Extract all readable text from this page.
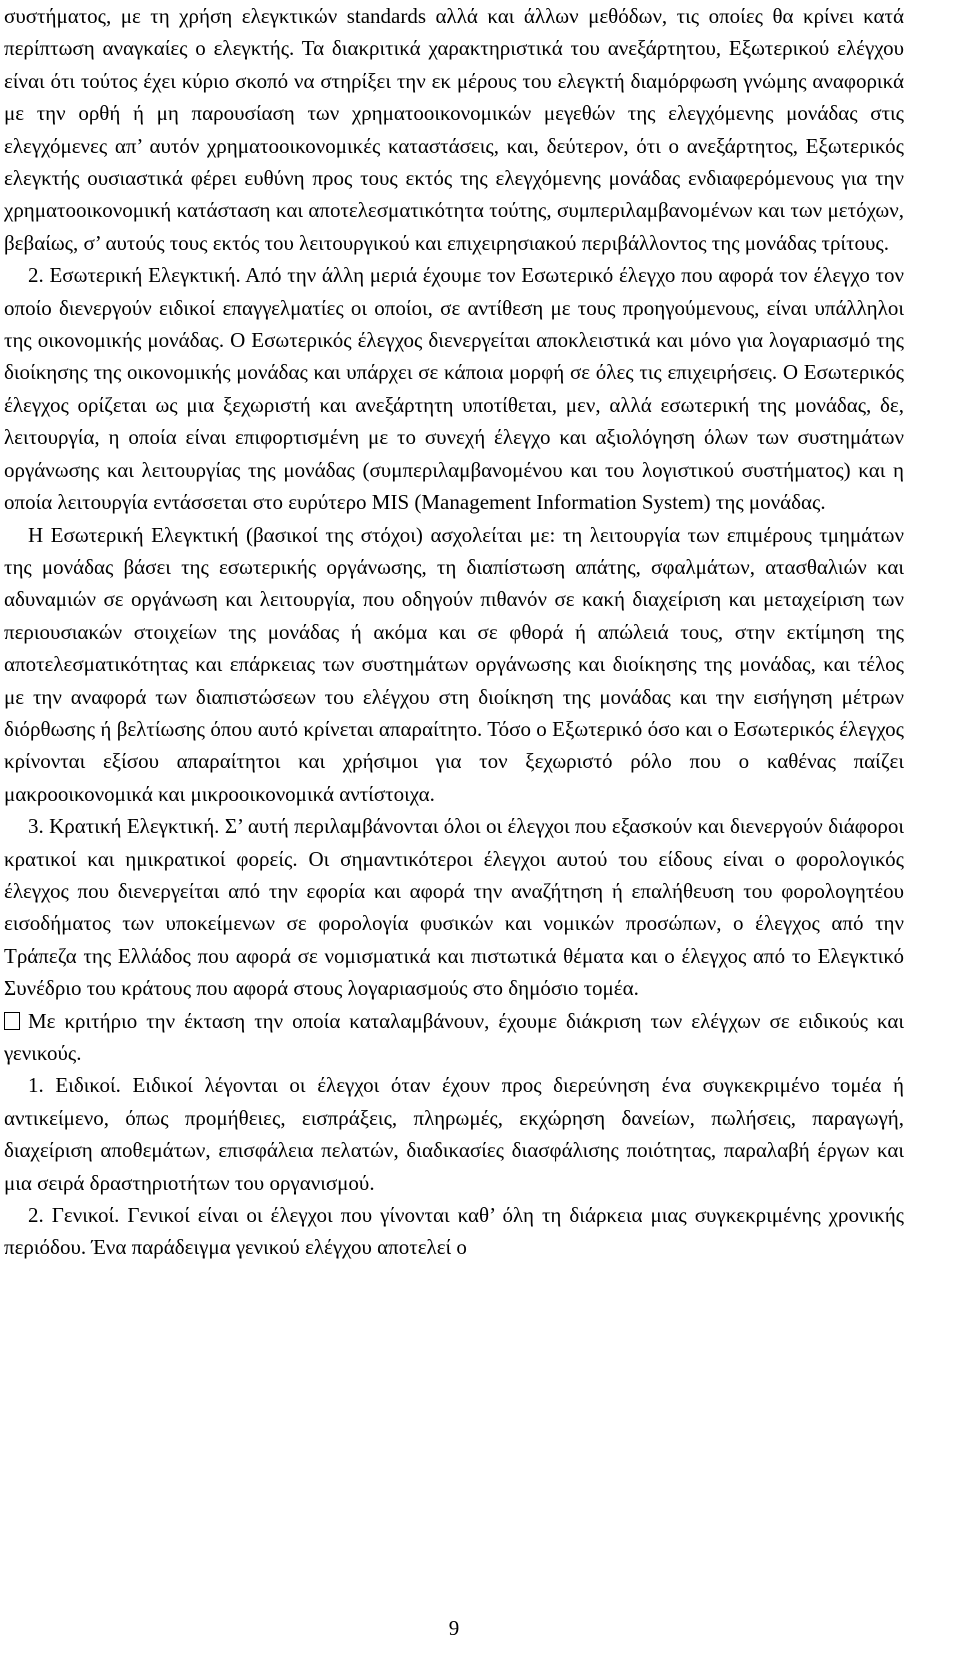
συστήματος, με τη χρήση ελεγκτικών standards αλλά και άλλων μεθόδων, τις οποίες θα κρίνει κατά περίπτωση αναγκαίες ο ελεγκτής. Τα διακριτικά χαρακτηριστικά του ανεξάρτητου, Εξωτερικού ελέγχου είναι ότι τούτος έχει κύριο σκοπό να στηρίξει την εκ μέρους του ελεγκτή διαμόρφωση γνώμης αναφορικά με την ορθή ή μη παρουσίαση των χρηματοοικονομικών μεγεθών της ελεγχόμενης μονάδας στις ελεγχόμενες απ’ αυτόν χρηματοοικονομικές καταστάσεις, και, δεύτερον, ότι ο ανεξάρτητος, Εξωτερικός ελεγκτής ουσιαστικά φέρει ευθύνη προς τους εκτός της ελεγχόμενης μονάδας ενδιαφερόμενους για την χρηματοοικονομική κατάσταση και αποτελεσματικότητα τούτης, συμπεριλαμβανομένων και των μετόχων, βεβαίως, σ’ αυτούς τους εκτός του λειτουργικού και επιχειρησιακού περιβάλλοντος της μονάδας τρίτους.

2. Εσωτερική Ελεγκτική. Από την άλλη μεριά έχουμε τον Εσωτερικό έλεγχο που αφορά τον έλεγχο τον οποίο διενεργούν ειδικοί επαγγελματίες οι οποίοι, σε αντίθεση με τους προηγούμενους, είναι υπάλληλοι της οικονομικής μονάδας. Ο Εσωτερικός έλεγχος διενεργείται αποκλειστικά και μόνο για λογαριασμό της διοίκησης της οικονομικής μονάδας και υπάρχει σε κάποια μορφή σε όλες τις επιχειρήσεις. Ο Εσωτερικός έλεγχος ορίζεται ως μια ξεχωριστή και ανεξάρτητη υποτίθεται, μεν, αλλά εσωτερική της μονάδας, δε, λειτουργία, η οποία είναι επιφορτισμένη με το συνεχή έλεγχο και αξιολόγηση όλων των συστημάτων οργάνωσης και λειτουργίας της μονάδας (συμπεριλαμβανομένου και του λογιστικού συστήματος) και η οποία λειτουργία εντάσσεται στο ευρύτερο MIS (Management Information System) της μονάδας.

Η Εσωτερική Ελεγκτική (βασικοί της στόχοι) ασχολείται με: τη λειτουργία των επιμέρους τμημάτων της μονάδας βάσει της εσωτερικής οργάνωσης, τη διαπίστωση απάτης, σφαλμάτων, ατασθαλιών και αδυναμιών σε οργάνωση και λειτουργία, που οδηγούν πιθανόν σε κακή διαχείριση και μεταχείριση των περιουσιακών στοιχείων της μονάδας ή ακόμα και σε φθορά ή απώλειά τους, στην εκτίμηση της αποτελεσματικότητας και επάρκειας των συστημάτων οργάνωσης και διοίκησης της μονάδας, και τέλος με την αναφορά των διαπιστώσεων του ελέγχου στη διοίκηση της μονάδας και την εισήγηση μέτρων διόρθωσης ή βελτίωσης όπου αυτό κρίνεται απαραίτητο. Τόσο ο Εξωτερικό όσο και ο Εσωτερικός έλεγχος κρίνονται εξίσου απαραίτητοι και χρήσιμοι για τον ξεχωριστό ρόλο που ο καθένας παίζει μακροοικονομικά και μικροοικονομικά αντίστοιχα.

3. Κρατική Ελεγκτική. Σ’ αυτή περιλαμβάνονται όλοι οι έλεγχοι που εξασκούν και διενεργούν διάφοροι κρατικοί και ημικρατικοί φορείς. Οι σημαντικότεροι έλεγχοι αυτού του είδους είναι ο φορολογικός έλεγχος που διενεργείται από την εφορία και αφορά την αναζήτηση ή επαλήθευση του φορολογητέου εισοδήματος των υποκείμενων σε φορολογία φυσικών και νομικών προσώπων, ο έλεγχος από την Τράπεζα της Ελλάδος που αφορά σε νομισματικά και πιστωτικά θέματα και ο έλεγχος από το Ελεγκτικό Συνέδριο του κράτους που αφορά στους λογαριασμούς στο δημόσιο τομέα.

Με κριτήριο την έκταση την οποία καταλαμβάνουν, έχουμε διάκριση των ελέγχων σε ειδικούς και γενικούς.

1. Ειδικοί. Ειδικοί λέγονται οι έλεγχοι όταν έχουν προς διερεύνηση ένα συγκεκριμένο τομέα ή αντικείμενο, όπως προμήθειες, εισπράξεις, πληρωμές, εκχώρηση δανείων, πωλήσεις, παραγωγή, διαχείριση αποθεμάτων, επισφάλεια πελατών, διαδικασίες διασφάλισης ποιότητας, παραλαβή έργων και μια σειρά δραστηριοτήτων του οργανισμού.

2. Γενικοί. Γενικοί είναι οι έλεγχοι που γίνονται καθ’ όλη τη διάρκεια μιας συγκεκριμένης χρονικής περιόδου. Ένα παράδειγμα γενικού ελέγχου αποτελεί ο

9
